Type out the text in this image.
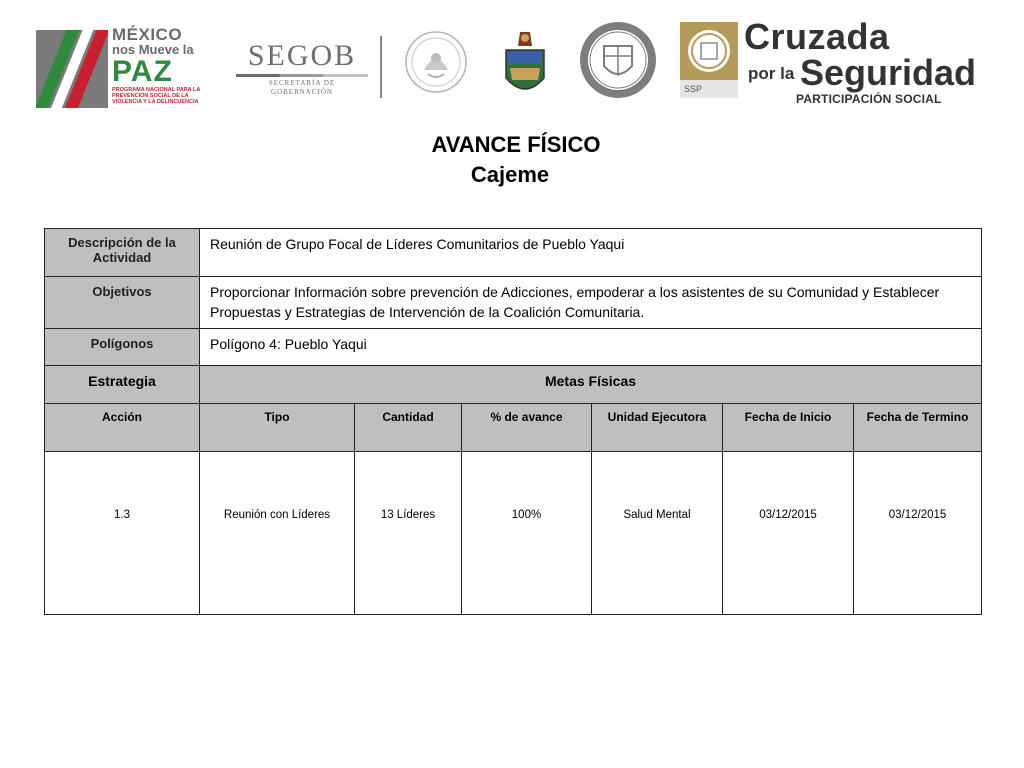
MÉXICO
nos Mueve la
PAZ
PROGRAMA NACIONAL PARA LA PREVENCIÓN SOCIAL DE LA VIOLENCIA Y LA DELINCUENCIA
SEGOB
SECRETARÍA DE
GOBERNACIÓN	SSP
Cruzada
por la Seguridad
PARTICIPACIÓN SOCIAL
AVANCE FÍSICO
Cajeme
Descripción de la Actividad	Reunión de Grupo Focal de Líderes Comunitarios de Pueblo Yaqui					
Objetivos	Proporcionar Información sobre prevención de Adicciones, empoderar a los asistentes de su Comunidad y Establecer Propuestas y Estrategias de Intervención de la Coalición Comunitaria.					
Polígonos	Polígono 4: Pueblo Yaqui					
Estrategia	Metas Físicas					
Acción	Tipo	Cantidad	% de avance	Unidad Ejecutora	Fecha de Inicio	Fecha de Termino
1.3	Reunión con Líderes	13 Líderes	100%	Salud Mental	03/12/2015	03/12/2015
